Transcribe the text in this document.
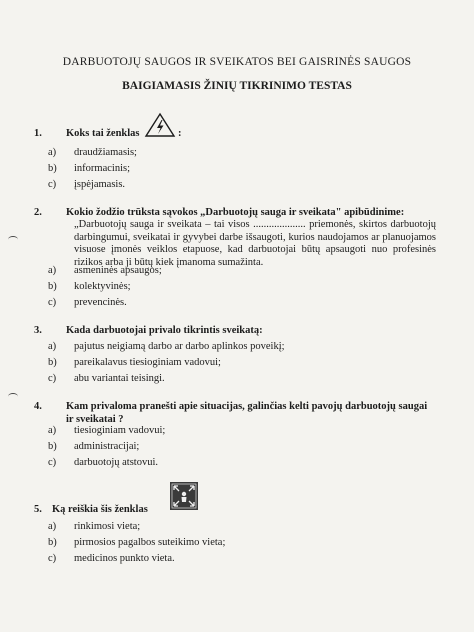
DARBUOTOJŲ SAUGOS IR SVEIKATOS BEI GAISRINĖS SAUGOS
BAIGIAMASIS ŽINIŲ TIKRINIMO TESTAS
1. Koks tai ženklas	:
a) draudžiamasis;
b) informacinis;
c) įspėjamasis.
2. Kokio žodžio trūksta sąvokos „Darbuotojų sauga ir sveikata" apibūdinime:
„Darbuotojų sauga ir sveikata – tai visos .................... priemonės, skirtos darbuotojų darbingumui, sveikatai ir gyvybei darbe išsaugoti, kurios naudojamos ar planuojamos visuose įmonės veiklos etapuose, kad darbuotojai būtų apsaugoti nuo profesinės rizikos arba ji būtų kiek įmanoma sumažinta.
a) asmeninės apsaugos;
b) kolektyvinės;
c) prevencinės.
3. Kada darbuotojai privalo tikrintis sveikatą:
a) pajutus neigiamą darbo ar darbo aplinkos poveikį;
b) pareikalavus tiesioginiam vadovui;
c) abu variantai teisingi.
4. Kam privaloma pranešti apie situacijas, galinčias kelti pavojų darbuotojų saugai ir sveikatai ?
a) tiesioginiam vadovui;
b) administracijai;
c) darbuotojų atstovui.
5. Ką reiškia šis ženklas
a) rinkimosi vieta;
b) pirmosios pagalbos suteikimo vieta;
c) medicinos punkto vieta.
